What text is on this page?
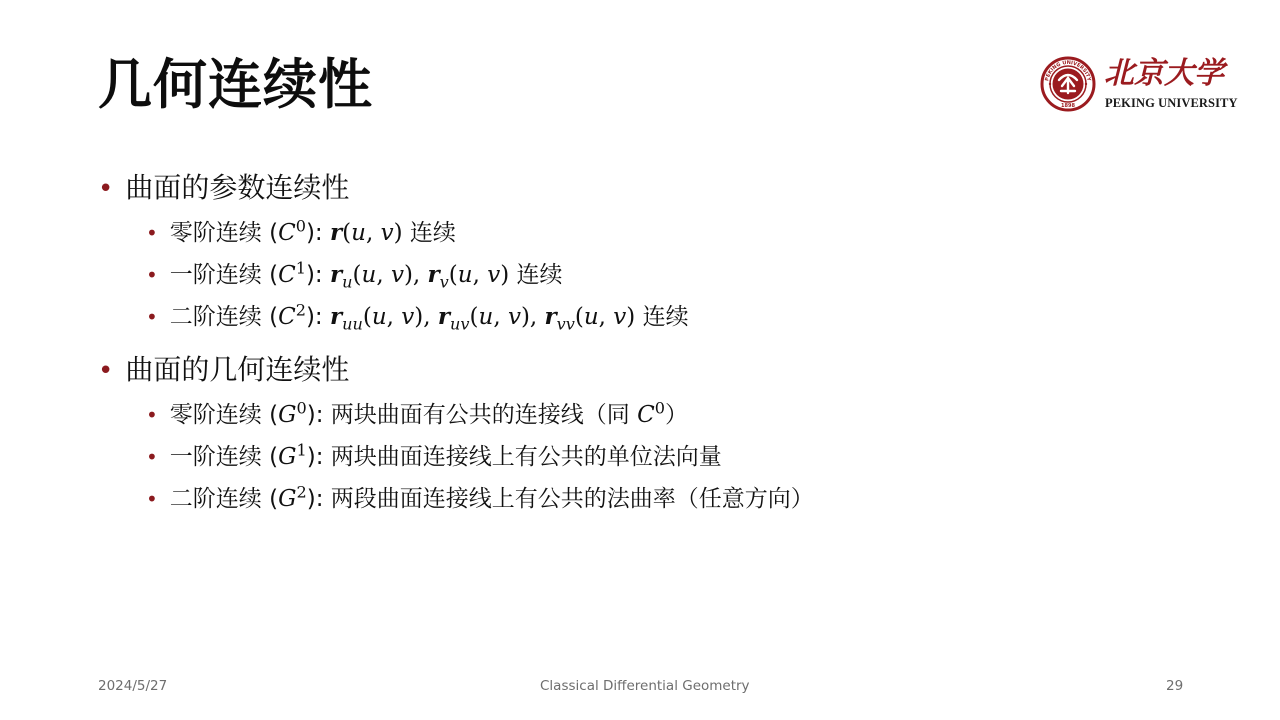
几何连续性	PEKING UNIVERSITY
1898
北京大学
PEKING UNIVERSITY
• 曲面的参数连续性
• 零阶连续 $(C^0)$: r(u, v) 连续
• 一阶连续 $(C^1)$: $r_u(u$, v), $r_v(u$, v) 连续
• 二阶连续 $(C^2)$: $r_{uu}(u$, v), $r_{uv}(u$, v), $r_{vv}(u$, v) 连续
• 曲面的几何连续性
• 零阶连续 $(G^0)$: 两块曲面有公共的连接线（同 $C^0$）
• 一阶连续 $(G^1)$: 两块曲面连接线上有公共的单位法向量
• 二阶连续 $(G^2)$: 两段曲面连接线上有公共的法曲率（任意方向）
2024/5/27	Classical Differential Geometry	29
